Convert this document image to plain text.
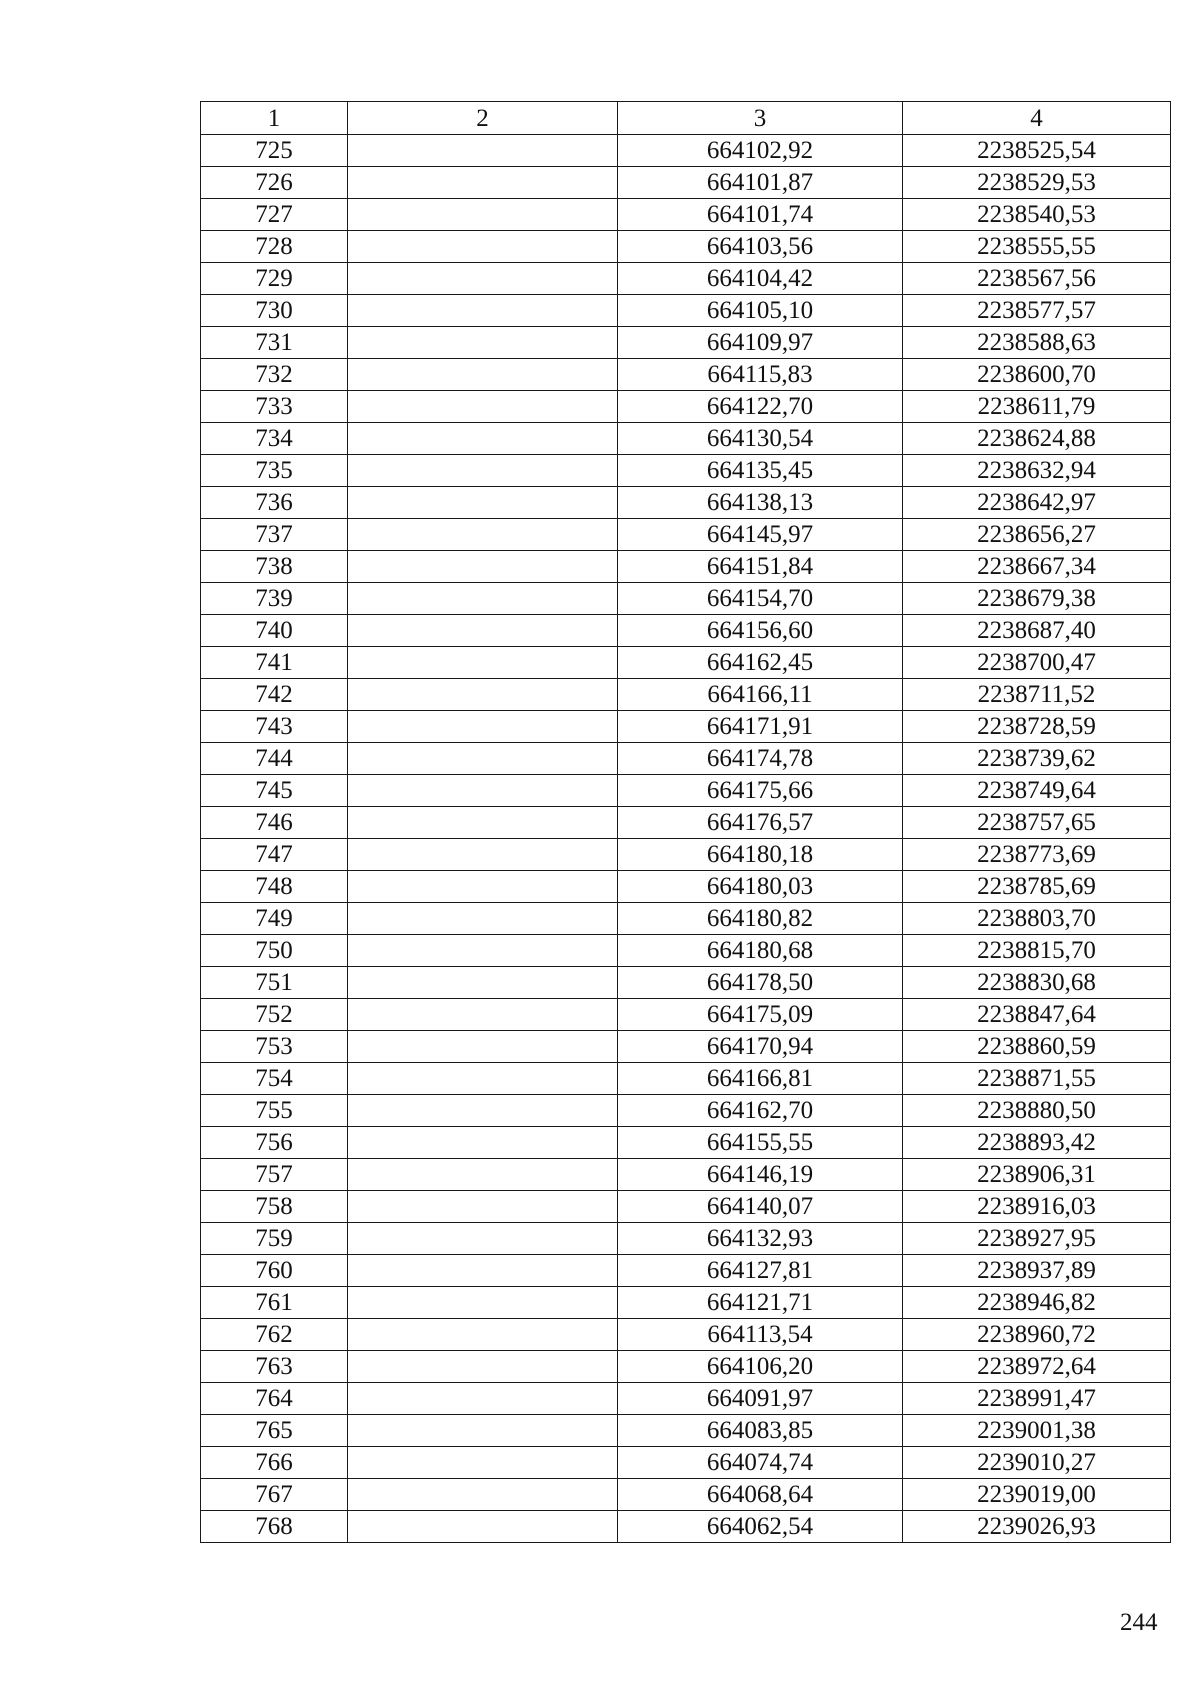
1	2	3	4
725		664102,92	2238525,54
726		664101,87	2238529,53
727		664101,74	2238540,53
728		664103,56	2238555,55
729		664104,42	2238567,56
730		664105,10	2238577,57
731		664109,97	2238588,63
732		664115,83	2238600,70
733		664122,70	2238611,79
734		664130,54	2238624,88
735		664135,45	2238632,94
736		664138,13	2238642,97
737		664145,97	2238656,27
738		664151,84	2238667,34
739		664154,70	2238679,38
740		664156,60	2238687,40
741		664162,45	2238700,47
742		664166,11	2238711,52
743		664171,91	2238728,59
744		664174,78	2238739,62
745		664175,66	2238749,64
746		664176,57	2238757,65
747		664180,18	2238773,69
748		664180,03	2238785,69
749		664180,82	2238803,70
750		664180,68	2238815,70
751		664178,50	2238830,68
752		664175,09	2238847,64
753		664170,94	2238860,59
754		664166,81	2238871,55
755		664162,70	2238880,50
756		664155,55	2238893,42
757		664146,19	2238906,31
758		664140,07	2238916,03
759		664132,93	2238927,95
760		664127,81	2238937,89
761		664121,71	2238946,82
762		664113,54	2238960,72
763		664106,20	2238972,64
764		664091,97	2238991,47
765		664083,85	2239001,38
766		664074,74	2239010,27
767		664068,64	2239019,00
768		664062,54	2239026,93
244
